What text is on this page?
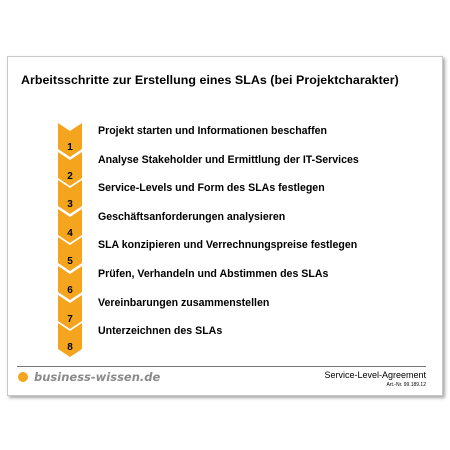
Arbeitsschritte zur Erstellung eines SLAs (bei Projektcharakter)
1
Projekt starten und Informationen beschaffen
2
Analyse Stakeholder und Ermittlung der IT-Services
3
Service-Levels und Form des SLAs festlegen
4
Geschäftsanforderungen analysieren
5
SLA konzipieren und Verrechnungspreise festlegen
6
Prüfen, Verhandeln und Abstimmen des SLAs
7
Vereinbarungen zusammenstellen
8
Unterzeichnen des SLAs
business-wissen.de	Service-Level-Agreement
Art.-Nr. 99.189.12
